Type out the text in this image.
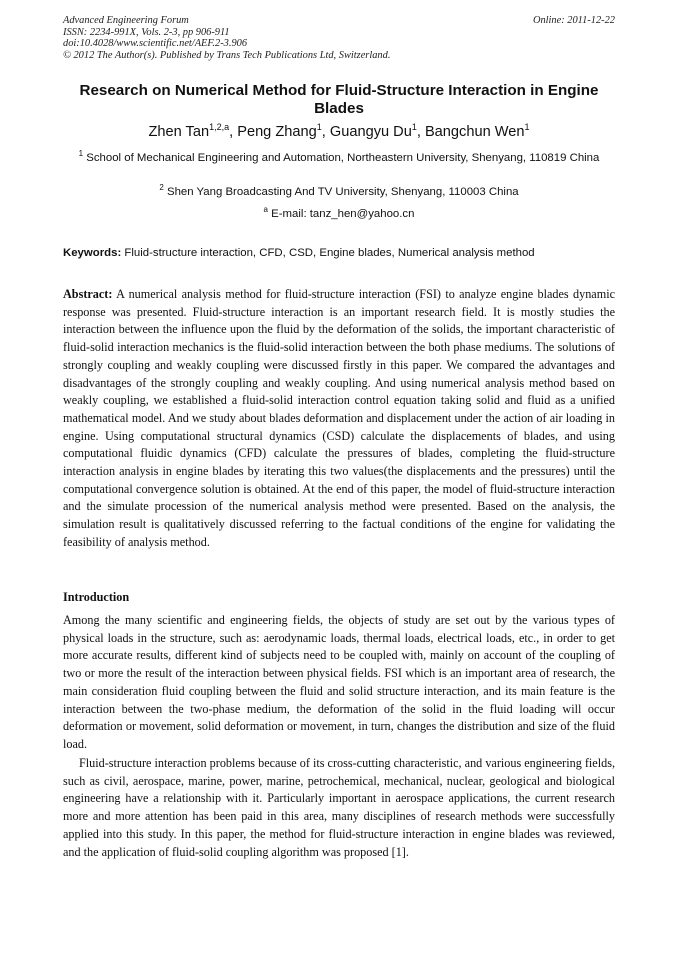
Advanced Engineering Forum
ISSN: 2234-991X, Vols. 2-3, pp 906-911
doi:10.4028/www.scientific.net/AEF.2-3.906
© 2012 The Author(s). Published by Trans Tech Publications Ltd, Switzerland.
Online: 2011-12-22
Research on Numerical Method for Fluid-Structure Interaction in Engine Blades
Zhen Tan$^{1,2,a}$, Peng Zhang$^1$, Guangyu Du$^1$, Bangchun Wen$^1$
$^1$ School of Mechanical Engineering and Automation, Northeastern University, Shenyang, 110819 China
$^2$ Shen Yang Broadcasting And TV University, Shenyang, 110003 China
$^a$ E-mail: tanz_hen@yahoo.cn
Keywords: Fluid-structure interaction, CFD, CSD, Engine blades, Numerical analysis method
Abstract: A numerical analysis method for fluid-structure interaction (FSI) to analyze engine blades dynamic response was presented. Fluid-structure interaction is an important research field. It is mostly studies the interaction between the influence upon the fluid by the deformation of the solids, the important characteristic of fluid-solid interaction mechanics is the fluid-solid interaction between the both phase mediums. The solutions of strongly coupling and weakly coupling were discussed firstly in this paper. We compared the advantages and disadvantages of the strongly coupling and weakly coupling. And using numerical analysis method based on weakly coupling, we established a fluid-solid interaction control equation taking solid and fluid as a unified mathematical model. And we study about blades deformation and displacement under the action of air loading in engine. Using computational structural dynamics (CSD) calculate the displacements of blades, and using computational fluidic dynamics (CFD) calculate the pressures of blades, completing the fluid-structure interaction analysis in engine blades by iterating this two values(the displacements and the pressures) until the computational convergence solution is obtained. At the end of this paper, the model of fluid-structure interaction and the simulate procession of the numerical analysis method were presented. Based on the analysis, the simulation result is qualitatively discussed referring to the factual conditions of the engine for validating the feasibility of analysis method.
Introduction
Among the many scientific and engineering fields, the objects of study are set out by the various types of physical loads in the structure, such as: aerodynamic loads, thermal loads, electrical loads, etc., in order to get more accurate results, different kind of subjects need to be coupled with, mainly on account of the coupling of two or more the result of the interaction between physical fields. FSI which is an important area of research, the main consideration fluid coupling between the fluid and solid structure interaction, and its main feature is the interaction between the two-phase medium, the deformation of the solid in the fluid loading will occur deformation or movement, solid deformation or movement, in turn, changes the distribution and size of the fluid load.
Fluid-structure interaction problems because of its cross-cutting characteristic, and various engineering fields, such as civil, aerospace, marine, power, marine, petrochemical, mechanical, nuclear, geological and biological engineering have a relationship with it. Particularly important in aerospace applications, the current research more and more attention has been paid in this area, many disciplines of research methods were successfully applied into this study. In this paper, the method for fluid-structure interaction in engine blades was reviewed, and the application of fluid-solid coupling algorithm was proposed [1].
